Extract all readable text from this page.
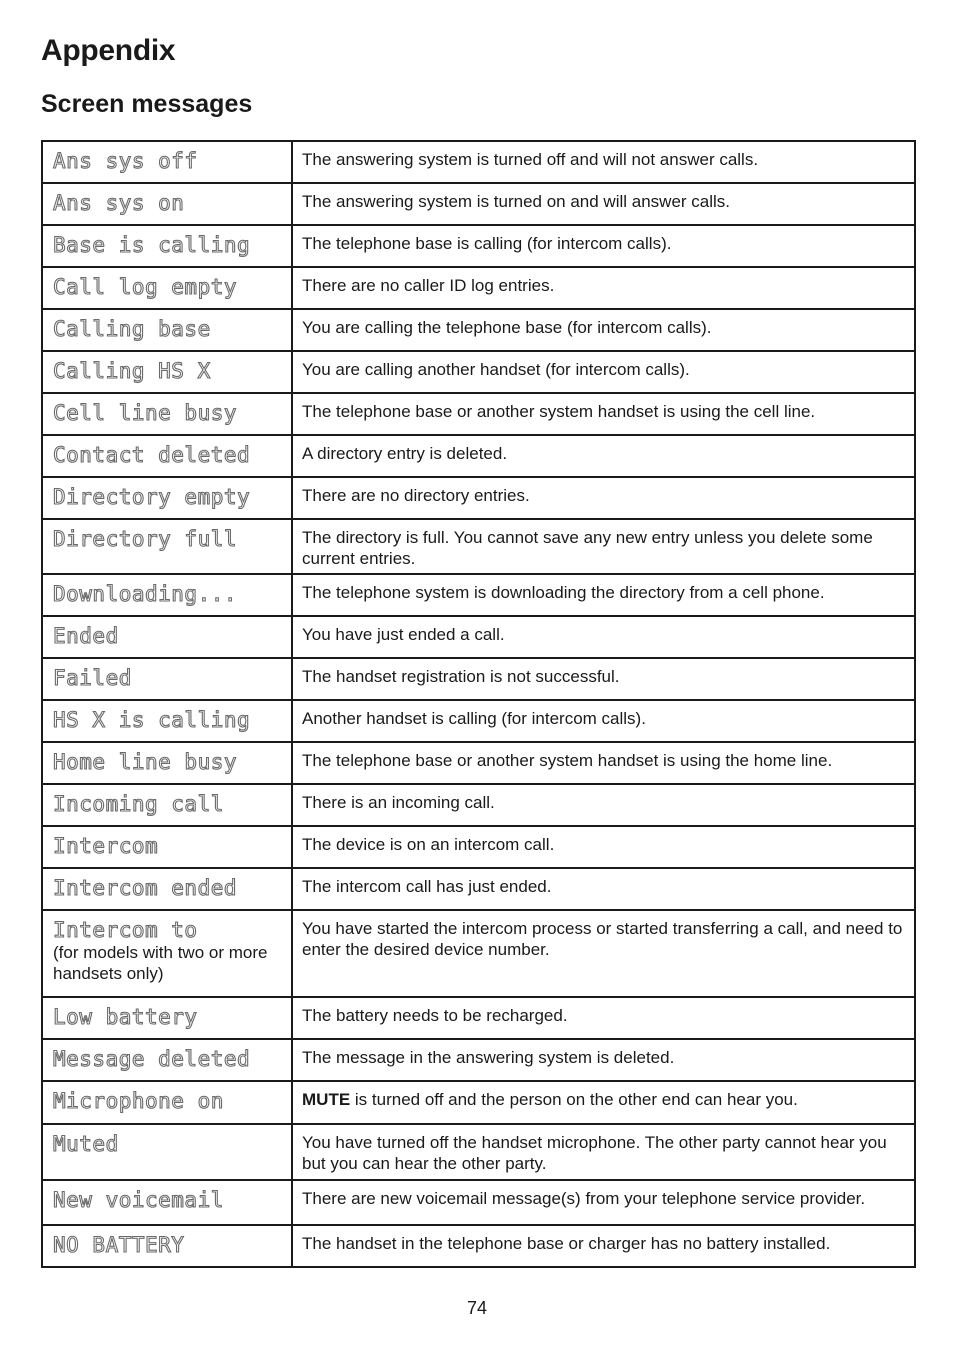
Appendix
Screen messages
Ans sys off	The answering system is turned off and will not answer calls.

Ans sys on	The answering system is turned on and will answer calls.

Base is calling	The telephone base is calling (for intercom calls).

Call log empty	There are no caller ID log entries.

Calling base	You are calling the telephone base (for intercom calls).

Calling HS X	You are calling another handset (for intercom calls).

Cell line busy	The telephone base or another system handset is using the cell line.

Contact deleted	A directory entry is deleted.

Directory empty	There are no directory entries.

Directory full	The directory is full. You cannot save any new entry unless you delete some current entries.

Downloading...	The telephone system is downloading the directory from a cell phone.

Ended	You have just ended a call.

Failed	The handset registration is not successful.

HS X is calling	Another handset is calling (for intercom calls).

Home line busy	The telephone base or another system handset is using the home line.

Incoming call	There is an incoming call.

Intercom	The device is on an intercom call.

Intercom ended	The intercom call has just ended.

Intercom to
(for models with two or more handsets only)	You have started the intercom process or started transferring a call, and need to enter the desired device number.

Low battery	The battery needs to be recharged.

Message deleted	The message in the answering system is deleted.

Microphone on	MUTE is turned off and the person on the other end can hear you.

Muted	You have turned off the handset microphone. The other party cannot hear you but you can hear the other party.

New voicemail	There are new voicemail message(s) from your telephone service provider.

NO BATTERY	The handset in the telephone base or charger has no battery installed.
74
